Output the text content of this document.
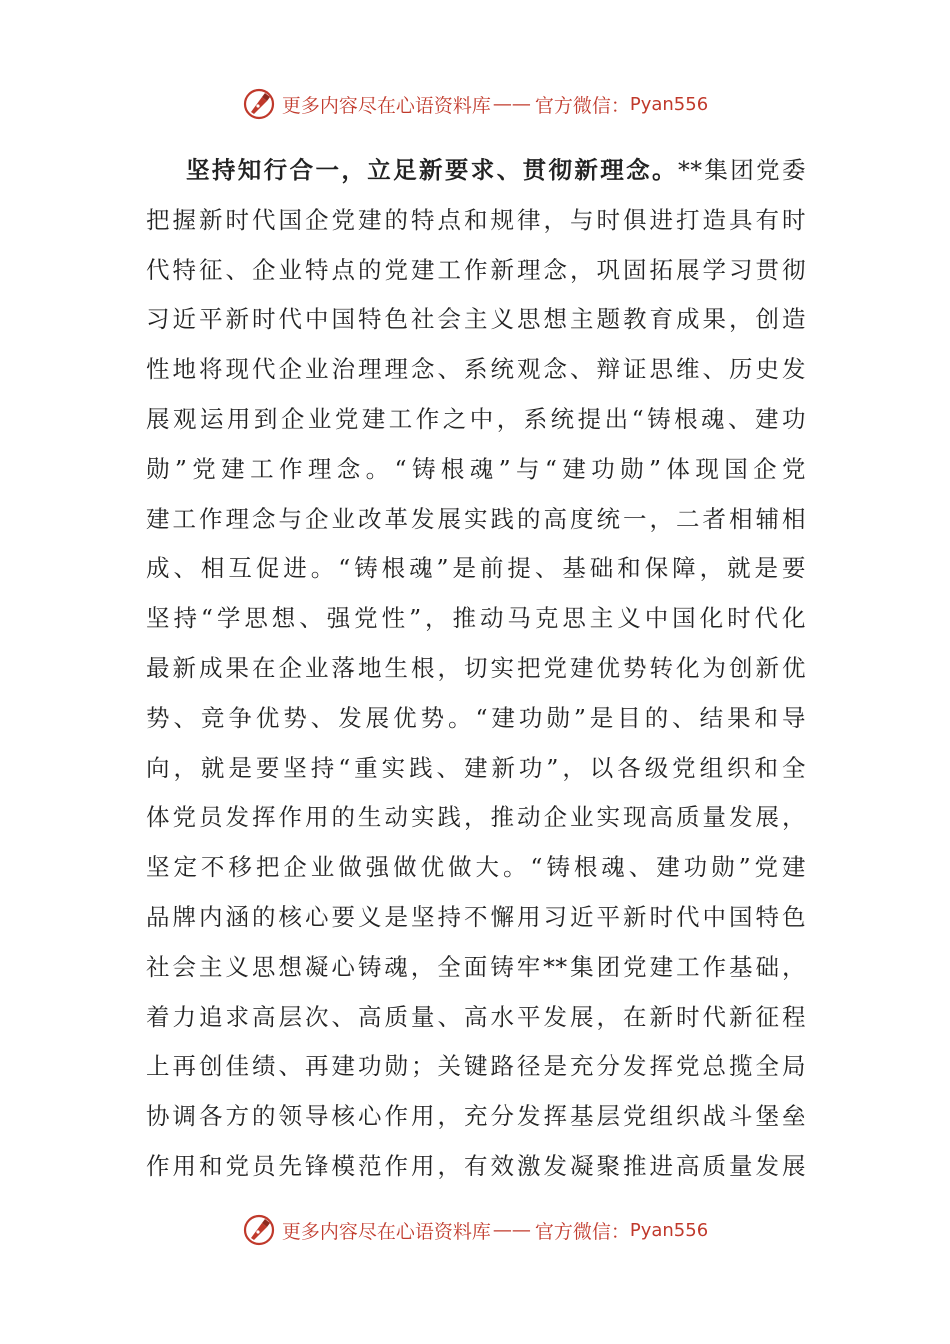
更多内容尽在心语资料库 — — 官方微信： Pyan556
坚持知行合一，立足新要求、贯彻新理念。**集团党委
把握新时代国企党建的特点和规律，与时俱进打造具有时
代特征、企业特点的党建工作新理念，巩固拓展学习贯彻
习近平新时代中国特色社会主义思想主题教育成果，创造
性地将现代企业治理理念、系统观念、辩证思维、历史发
展观运用到企业党建工作之中，系统提出“铸根魂、建功
勋”党建工作理念。“铸根魂”与“建功勋”体现国企党
建工作理念与企业改革发展实践的高度统一，二者相辅相
成、相互促进。“铸根魂”是前提、基础和保障，就是要
坚持“学思想、强党性”，推动马克思主义中国化时代化
最新成果在企业落地生根，切实把党建优势转化为创新优
势、竞争优势、发展优势。“建功勋”是目的、结果和导
向，就是要坚持“重实践、建新功”，以各级党组织和全
体党员发挥作用的生动实践，推动企业实现高质量发展，
坚定不移把企业做强做优做大。“铸根魂、建功勋”党建
品牌内涵的核心要义是坚持不懈用习近平新时代中国特色
社会主义思想凝心铸魂，全面铸牢**集团党建工作基础，
着力追求高层次、高质量、高水平发展，在新时代新征程
上再创佳绩、再建功勋；关键路径是充分发挥党总揽全局
协调各方的领导核心作用，充分发挥基层党组织战斗堡垒
作用和党员先锋模范作用，有效激发凝聚推进高质量发展
更多内容尽在心语资料库 — — 官方微信： Pyan556
